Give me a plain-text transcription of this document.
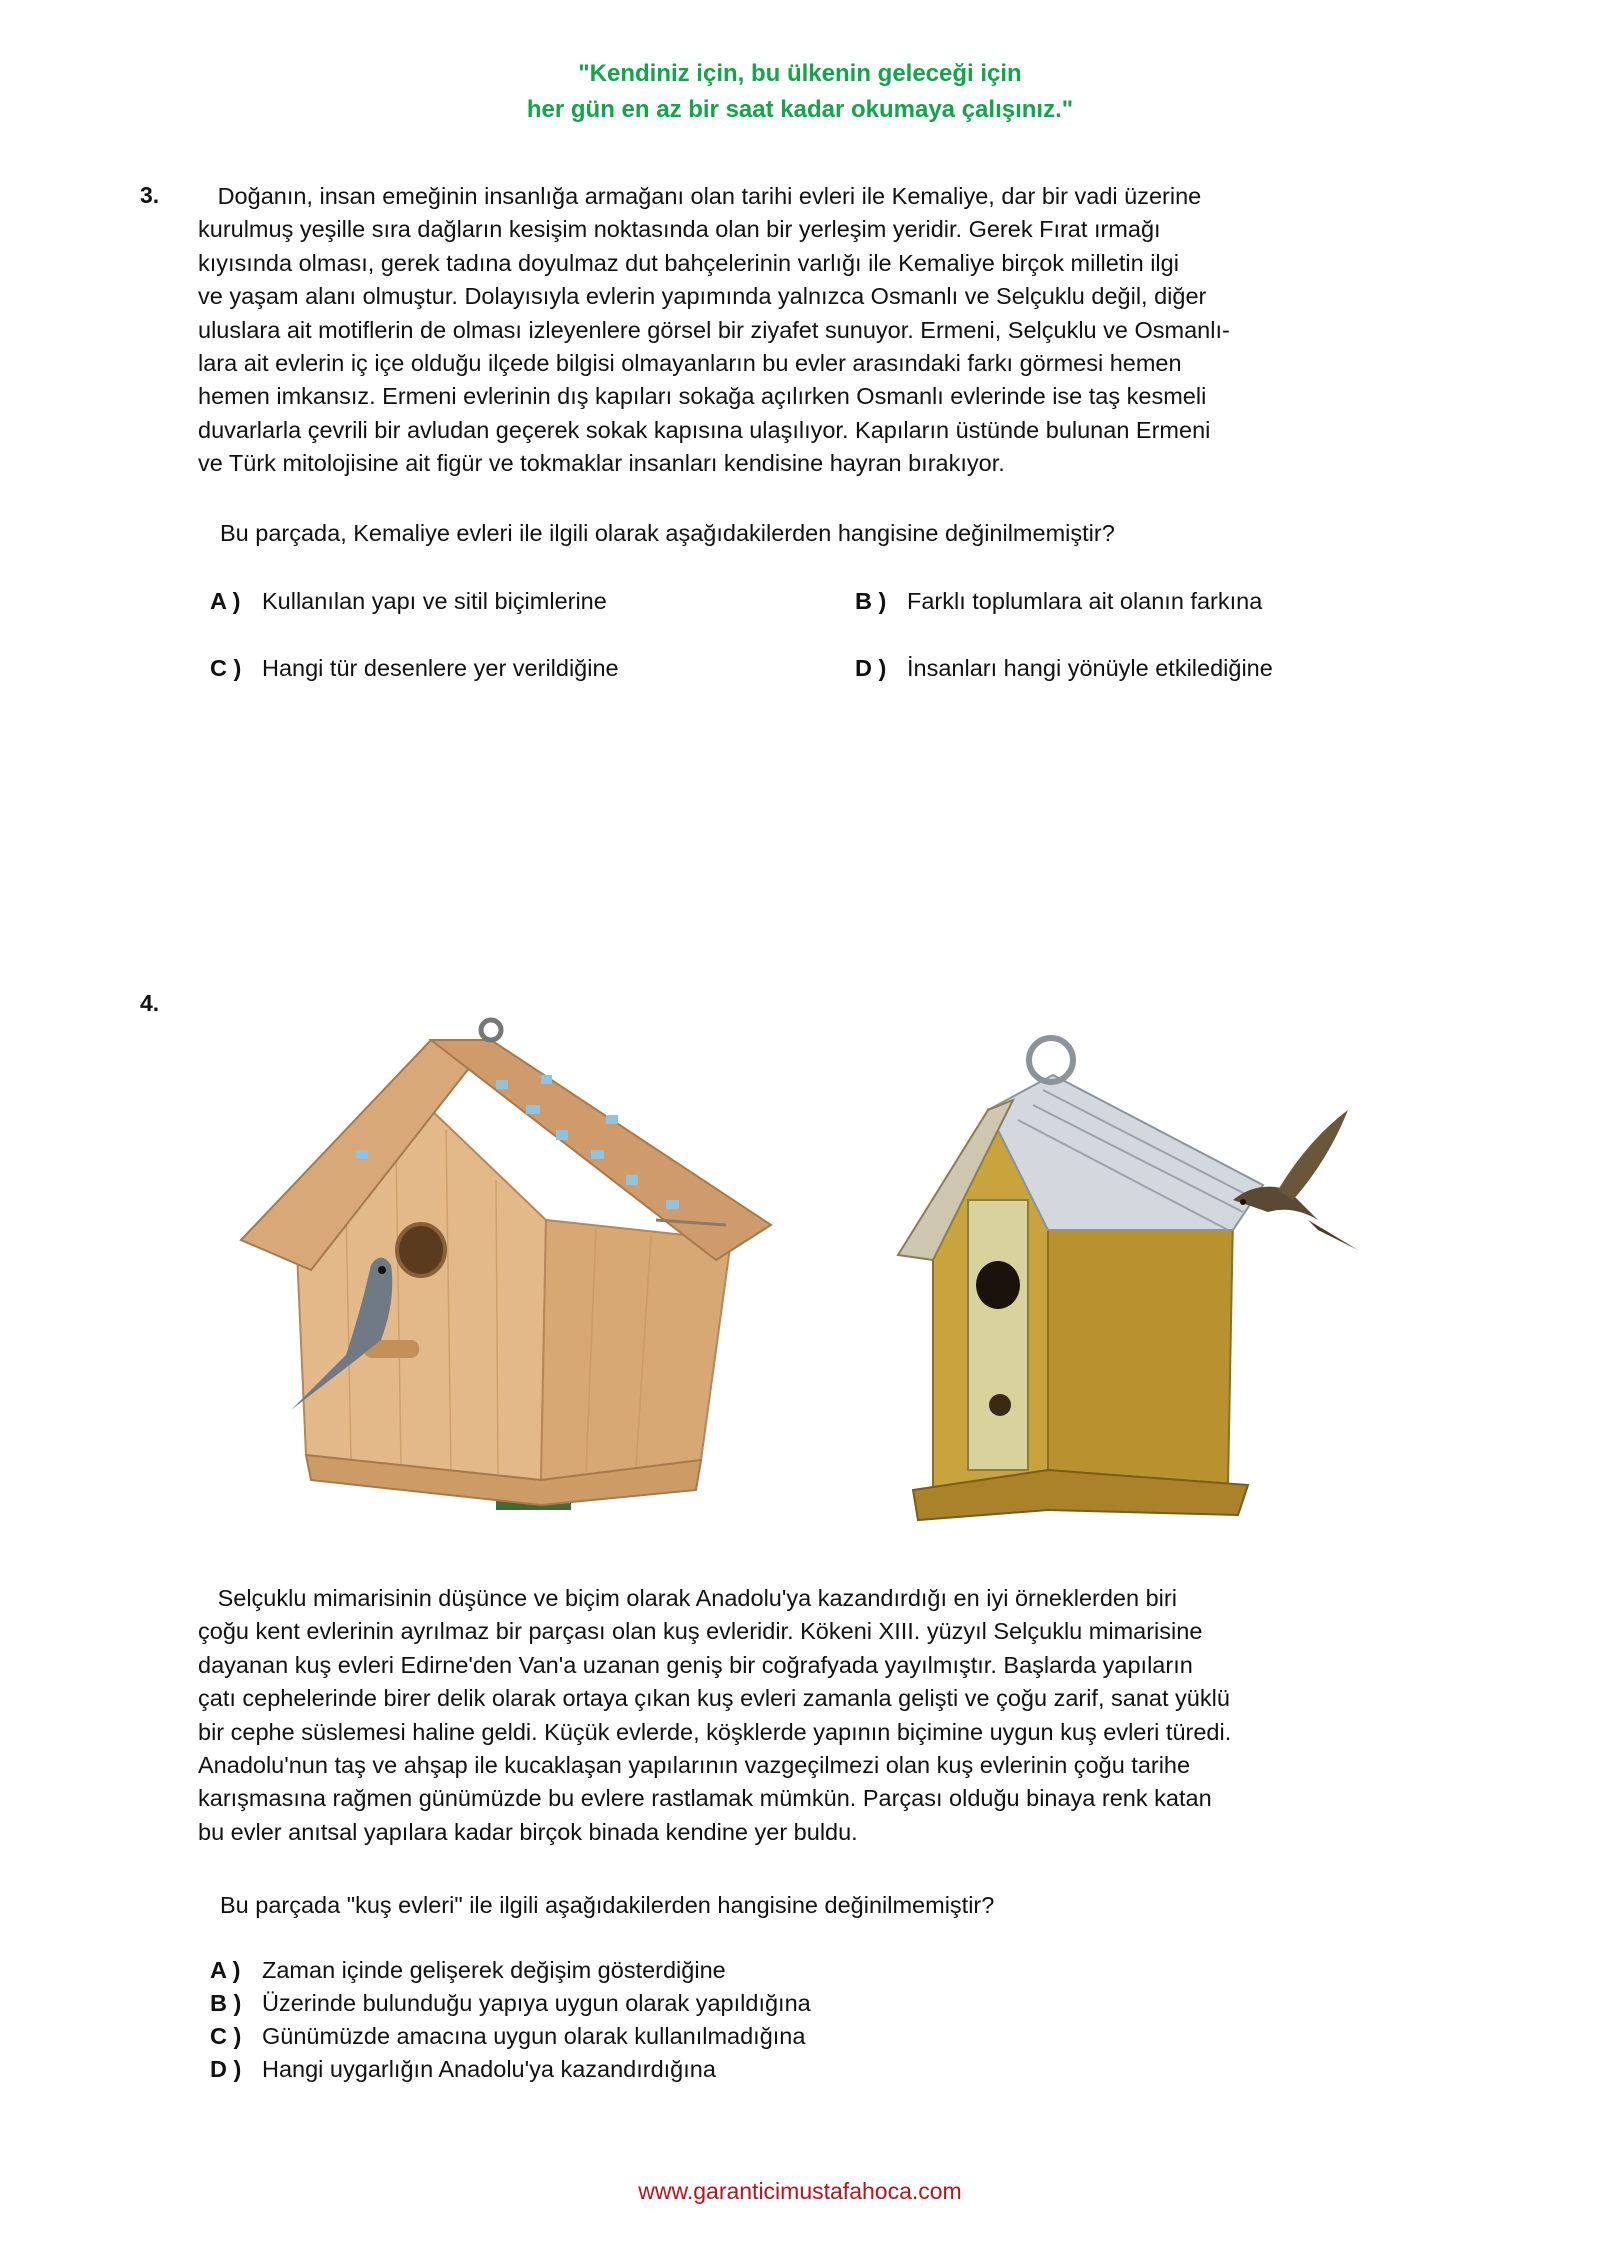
"Kendiniz için, bu ülkenin geleceği için
her gün en az bir saat kadar okumaya çalışınız."
3. Doğanın, insan emeğinin insanlığa armağanı olan tarihi evleri ile Kemaliye, dar bir vadi üzerine
kurulmuş yeşille sıra dağların kesişim noktasında olan bir yerleşim yeridir. Gerek Fırat ırmağı
kıyısında olması, gerek tadına doyulmaz dut bahçelerinin varlığı ile Kemaliye birçok milletin ilgi
ve yaşam alanı olmuştur. Dolayısıyla evlerin yapımında yalnızca Osmanlı ve Selçuklu değil, diğer
uluslara ait motiflerin de olması izleyenlere görsel bir ziyafet sunuyor. Ermeni, Selçuklu ve Osmanlı-
lara ait evlerin iç içe olduğu ilçede bilgisi olmayanların bu evler arasındaki farkı görmesi hemen
hemen imkansız. Ermeni evlerinin dış kapıları sokağa açılırken Osmanlı evlerinde ise taş kesmeli
duvarlarla çevrili bir avludan geçerek sokak kapısına ulaşılıyor. Kapıların üstünde bulunan Ermeni
ve Türk mitolojisine ait figür ve tokmaklar insanları kendisine hayran bırakıyor.
Bu parçada, Kemaliye evleri ile ilgili olarak aşağıdakilerden hangisine değinilmemiştir?
A ) Kullanılan yapı ve sitil biçimlerine	B ) Farklı toplumlara ait olanın farkına
C ) Hangi tür desenlere yer verildiğine	D ) İnsanları hangi yönüyle etkilediğine
4.
Selçuklu mimarisinin düşünce ve biçim olarak Anadolu'ya kazandırdığı en iyi örneklerden biri
çoğu kent evlerinin ayrılmaz bir parçası olan kuş evleridir. Kökeni XIII. yüzyıl Selçuklu mimarisine
dayanan kuş evleri Edirne'den Van'a uzanan geniş bir coğrafyada yayılmıştır. Başlarda yapıların
çatı cephelerinde birer delik olarak ortaya çıkan kuş evleri zamanla gelişti ve çoğu zarif, sanat yüklü
bir cephe süslemesi haline geldi. Küçük evlerde, köşklerde yapının biçimine uygun kuş evleri türedi.
Anadolu'nun taş ve ahşap ile kucaklaşan yapılarının vazgeçilmezi olan kuş evlerinin çoğu tarihe
karışmasına rağmen günümüzde bu evlere rastlamak mümkün. Parçası olduğu binaya renk katan
bu evler anıtsal yapılara kadar birçok binada kendine yer buldu.
Bu parçada "kuş evleri" ile ilgili aşağıdakilerden hangisine değinilmemiştir?
A ) Zaman içinde gelişerek değişim gösterdiğine
B ) Üzerinde bulunduğu yapıya uygun olarak yapıldığına
C ) Günümüzde amacına uygun olarak kullanılmadığına
D ) Hangi uygarlığın Anadolu'ya kazandırdığına
www.garanticimustafahoca.com
